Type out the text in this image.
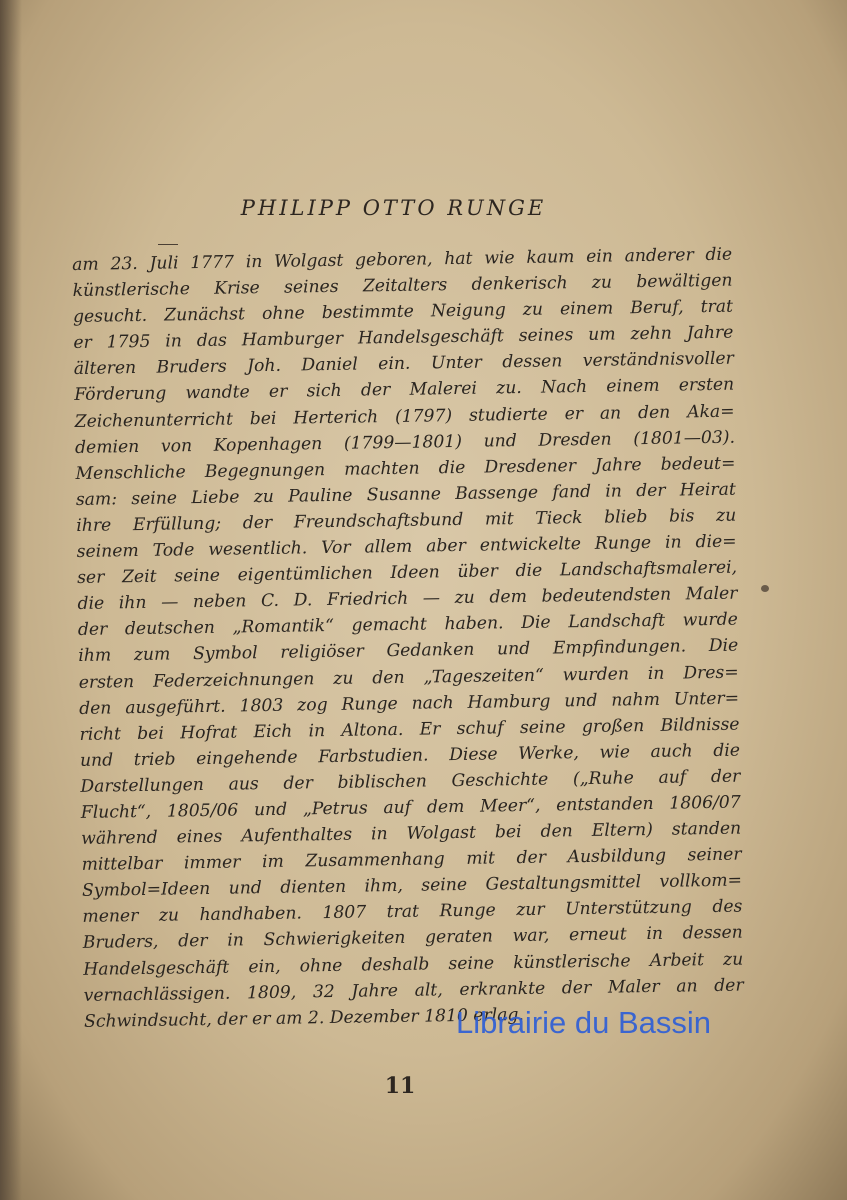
PHILIPP OTTO RUNGE
am 23. Juli 1777 in Wolgast geboren, hat wie kaum ein anderer die
künstlerische Krise seines Zeitalters denkerisch zu bewältigen
gesucht. Zunächst ohne bestimmte Neigung zu einem Beruf, trat
er 1795 in das Hamburger Handelsgeschäft seines um zehn Jahre
älteren Bruders Joh. Daniel ein. Unter dessen verständnisvoller
Förderung wandte er sich der Malerei zu. Nach einem ersten
Zeichenunterricht bei Herterich (1797) studierte er an den Aka=
demien von Kopenhagen (1799—1801) und Dresden (1801—03).
Menschliche Begegnungen machten die Dresdener Jahre bedeut=
sam: seine Liebe zu Pauline Susanne Bassenge fand in der Heirat
ihre Erfüllung; der Freundschaftsbund mit Tieck blieb bis zu
seinem Tode wesentlich. Vor allem aber entwickelte Runge in die=
ser Zeit seine eigentümlichen Ideen über die Landschaftsmalerei,
die ihn — neben C. D. Friedrich — zu dem bedeutendsten Maler
der deutschen „Romantik“ gemacht haben. Die Landschaft wurde
ihm zum Symbol religiöser Gedanken und Empfindungen. Die
ersten Federzeichnungen zu den „Tageszeiten“ wurden in Dres=
den ausgeführt. 1803 zog Runge nach Hamburg und nahm Unter=
richt bei Hofrat Eich in Altona. Er schuf seine großen Bildnisse
und trieb eingehende Farbstudien. Diese Werke, wie auch die
Darstellungen aus der biblischen Geschichte („Ruhe auf der
Flucht“, 1805/06 und „Petrus auf dem Meer“, entstanden 1806/07
während eines Aufenthaltes in Wolgast bei den Eltern) standen
mittelbar immer im Zusammenhang mit der Ausbildung seiner
Symbol=Ideen und dienten ihm, seine Gestaltungsmittel vollkom=
mener zu handhaben. 1807 trat Runge zur Unterstützung des
Bruders, der in Schwierigkeiten geraten war, erneut in dessen
Handelsgeschäft ein, ohne deshalb seine künstlerische Arbeit zu
vernachlässigen. 1809, 32 Jahre alt, erkrankte der Maler an der
Schwindsucht, der er am 2. Dezember 1810 erlag.
11
Librairie du Bassin
